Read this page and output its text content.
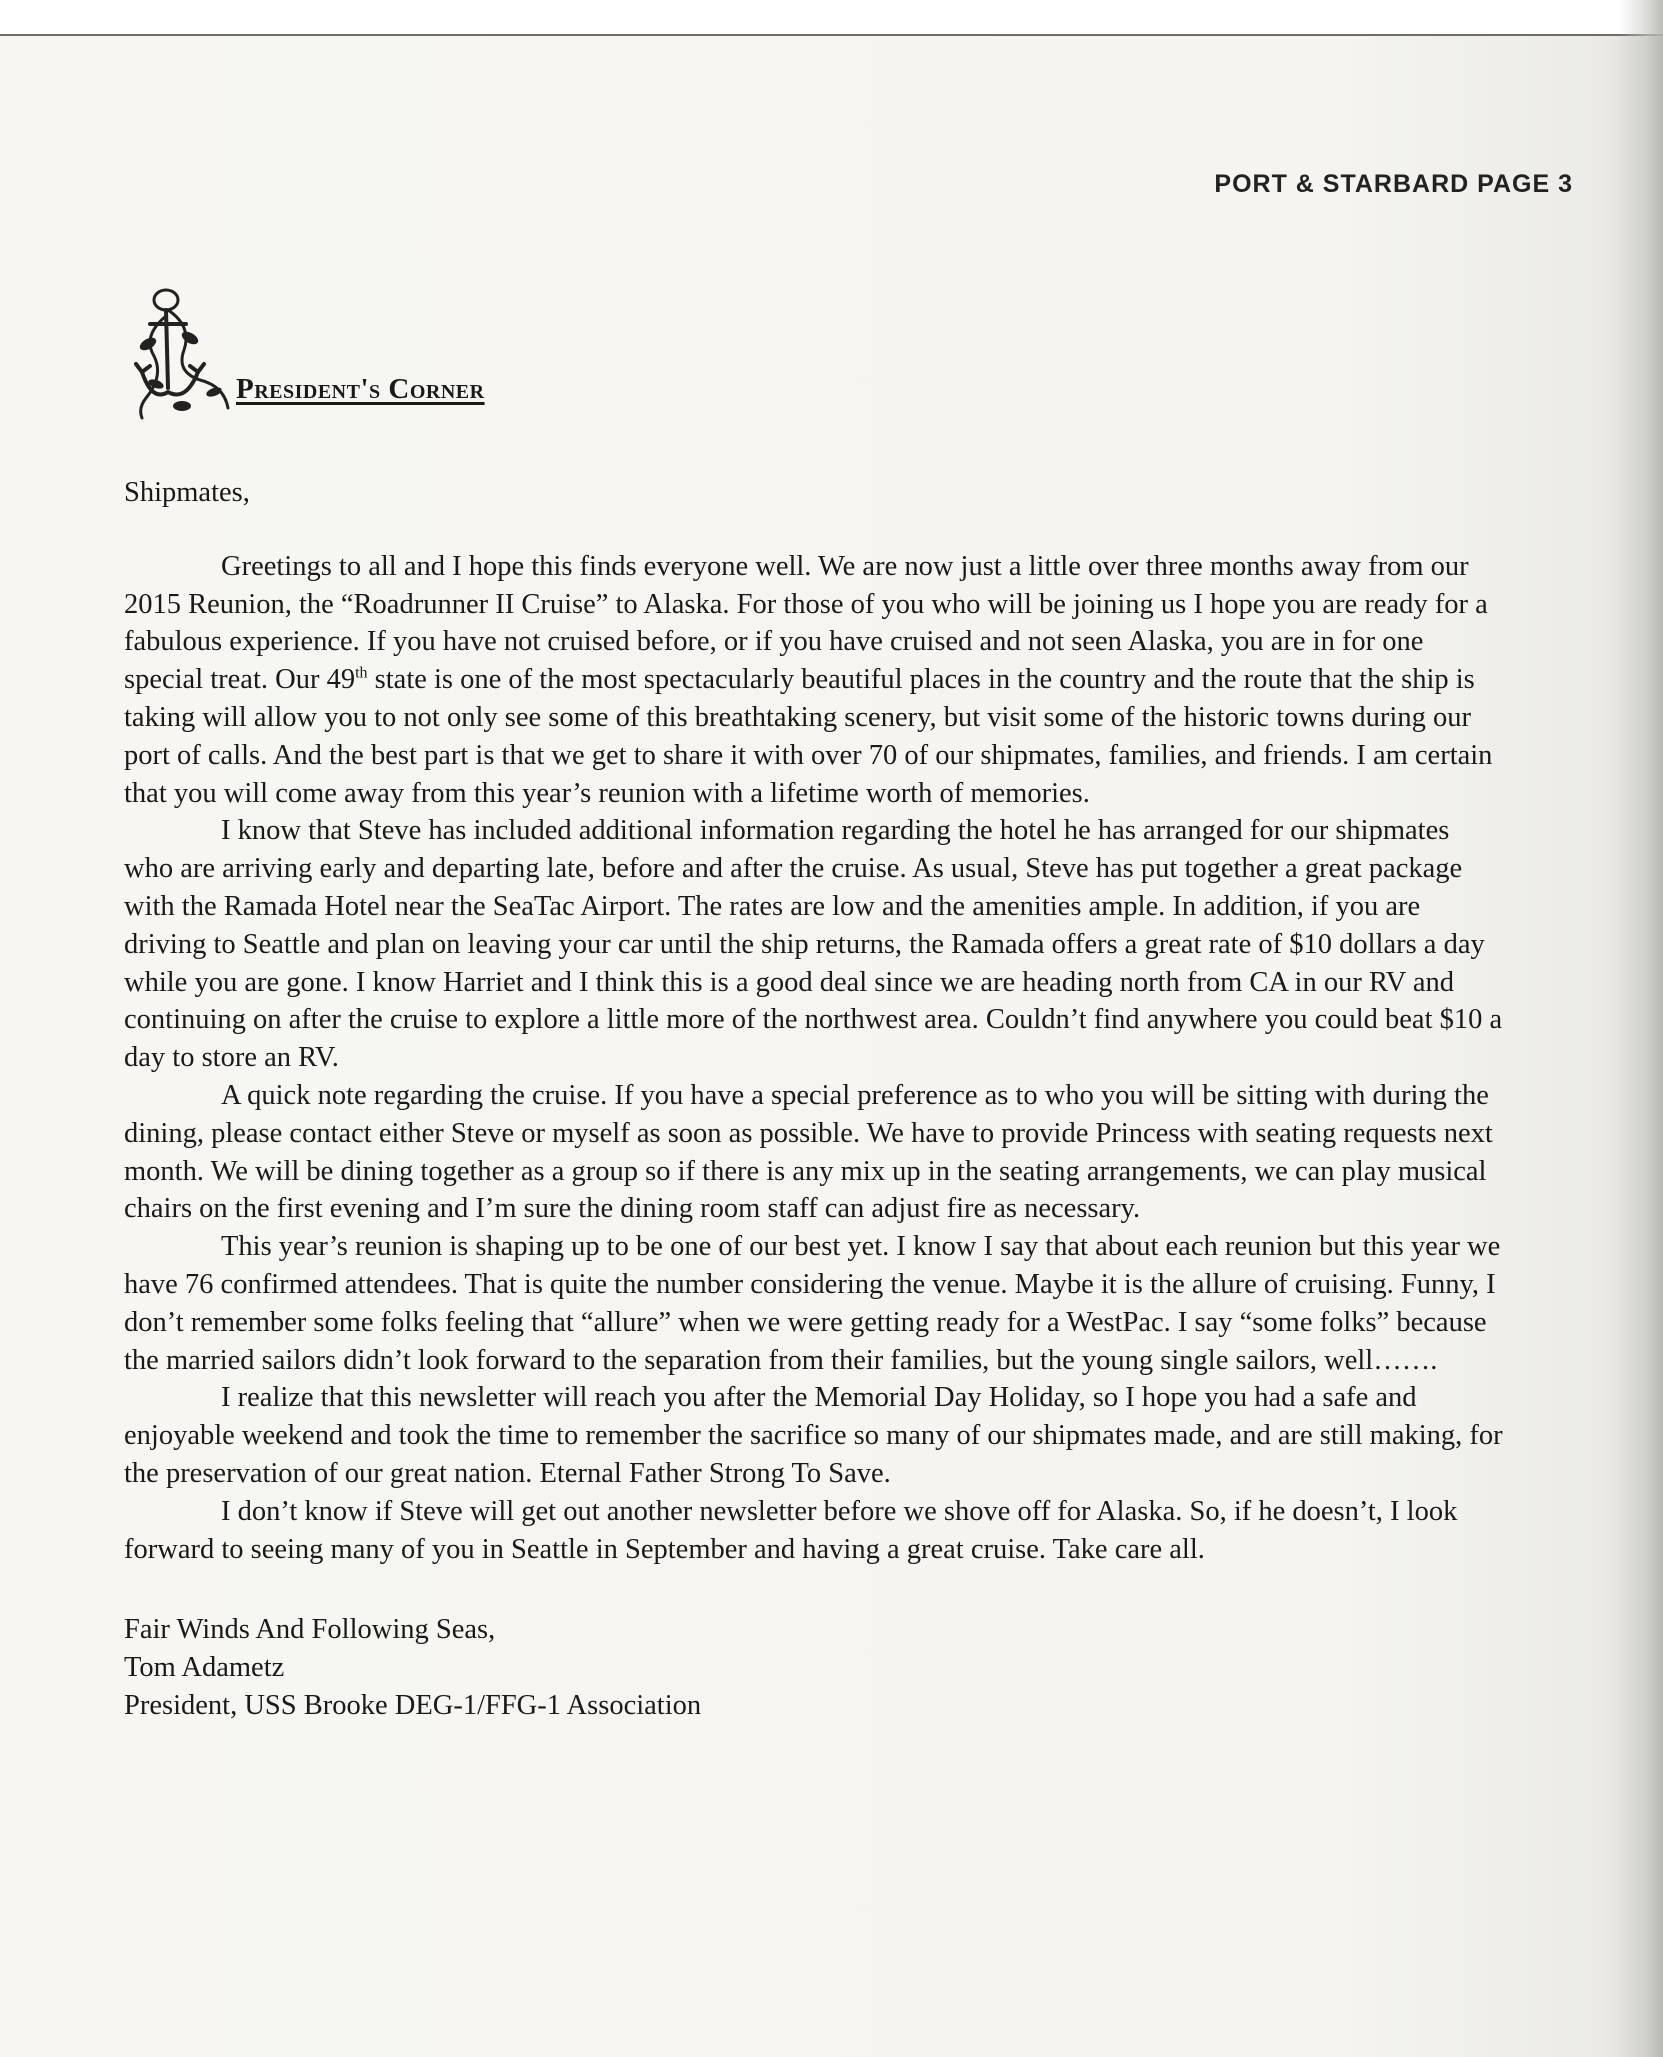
PORT & STARBARD PAGE 3
President's Corner

Shipmates,

Greetings to all and I hope this finds everyone well. We are now just a little over three months away from our 2015 Reunion, the “Roadrunner II Cruise” to Alaska. For those of you who will be joining us I hope you are ready for a fabulous experience. If you have not cruised before, or if you have cruised and not seen Alaska, you are in for one special treat. Our 49th state is one of the most spectacularly beautiful places in the country and the route that the ship is taking will allow you to not only see some of this breathtaking scenery, but visit some of the historic towns during our port of calls. And the best part is that we get to share it with over 70 of our shipmates, families, and friends. I am certain that you will come away from this year’s reunion with a lifetime worth of memories.

I know that Steve has included additional information regarding the hotel he has arranged for our shipmates who are arriving early and departing late, before and after the cruise. As usual, Steve has put together a great package with the Ramada Hotel near the SeaTac Airport. The rates are low and the amenities ample. In addition, if you are driving to Seattle and plan on leaving your car until the ship returns, the Ramada offers a great rate of $10 dollars a day while you are gone. I know Harriet and I think this is a good deal since we are heading north from CA in our RV and continuing on after the cruise to explore a little more of the northwest area. Couldn’t find anywhere you could beat $10 a day to store an RV.

A quick note regarding the cruise. If you have a special preference as to who you will be sitting with during the dining, please contact either Steve or myself as soon as possible. We have to provide Princess with seating requests next month. We will be dining together as a group so if there is any mix up in the seating arrangements, we can play musical chairs on the first evening and I’m sure the dining room staff can adjust fire as necessary.

This year’s reunion is shaping up to be one of our best yet. I know I say that about each reunion but this year we have 76 confirmed attendees. That is quite the number considering the venue. Maybe it is the allure of cruising. Funny, I don’t remember some folks feeling that “allure” when we were getting ready for a WestPac. I say “some folks” because the married sailors didn’t look forward to the separation from their families, but the young single sailors, well…….

I realize that this newsletter will reach you after the Memorial Day Holiday, so I hope you had a safe and enjoyable weekend and took the time to remember the sacrifice so many of our shipmates made, and are still making, for the preservation of our great nation. Eternal Father Strong To Save.

I don’t know if Steve will get out another newsletter before we shove off for Alaska. So, if he doesn’t, I look forward to seeing many of you in Seattle in September and having a great cruise. Take care all.

Fair Winds And Following Seas,
Tom Adametz
President, USS Brooke DEG-1/FFG-1 Association
